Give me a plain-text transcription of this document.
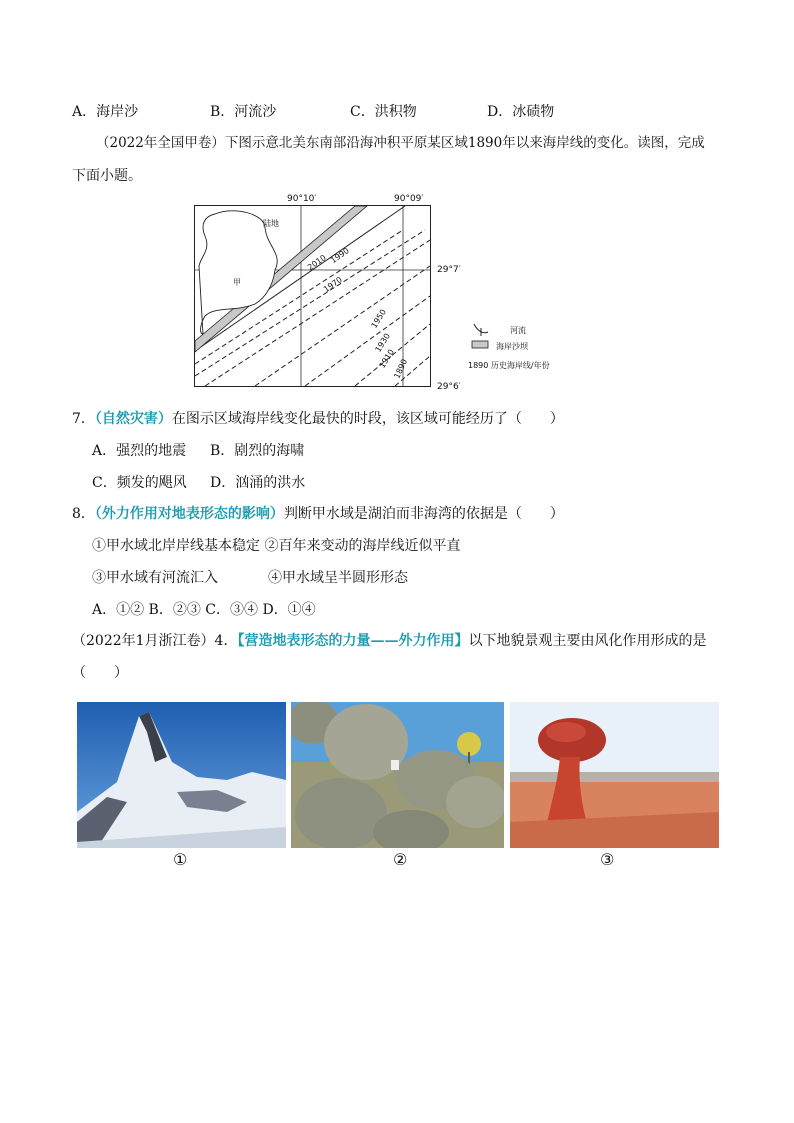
A．海岸沙	B．河流沙	C．洪积物	D．冰碛物
（2022年全国甲卷）下图示意北美东南部沿海冲积平原某区域1890年以来海岸线的变化。读图，完成
下面小题。
90°10′	90°09′
29°7′
29°6′
陆地
甲
2010 1990
1970
1950
1930
1910
1890
河流
海岸沙坝
1890 历史海岸线/年份
7．（自然灾害）在图示区域海岸线变化最快的时段，该区域可能经历了（　　）
A．强烈的地震 B．剧烈的海啸
C．频发的飓风 D．汹涌的洪水
8．（外力作用对地表形态的影响）判断甲水域是湖泊而非海湾的依据是（　　）
①甲水域北岸岸线基本稳定 ②百年来变动的海岸线近似平直
③甲水域有河流汇入	④甲水域呈半圆形形态
A．①② B．②③ C．③④ D．①④
（2022年1月浙江卷）4．【营造地表形态的力量——外力作用】以下地貌景观主要由风化作用形成的是
（　　）
①	②	③
